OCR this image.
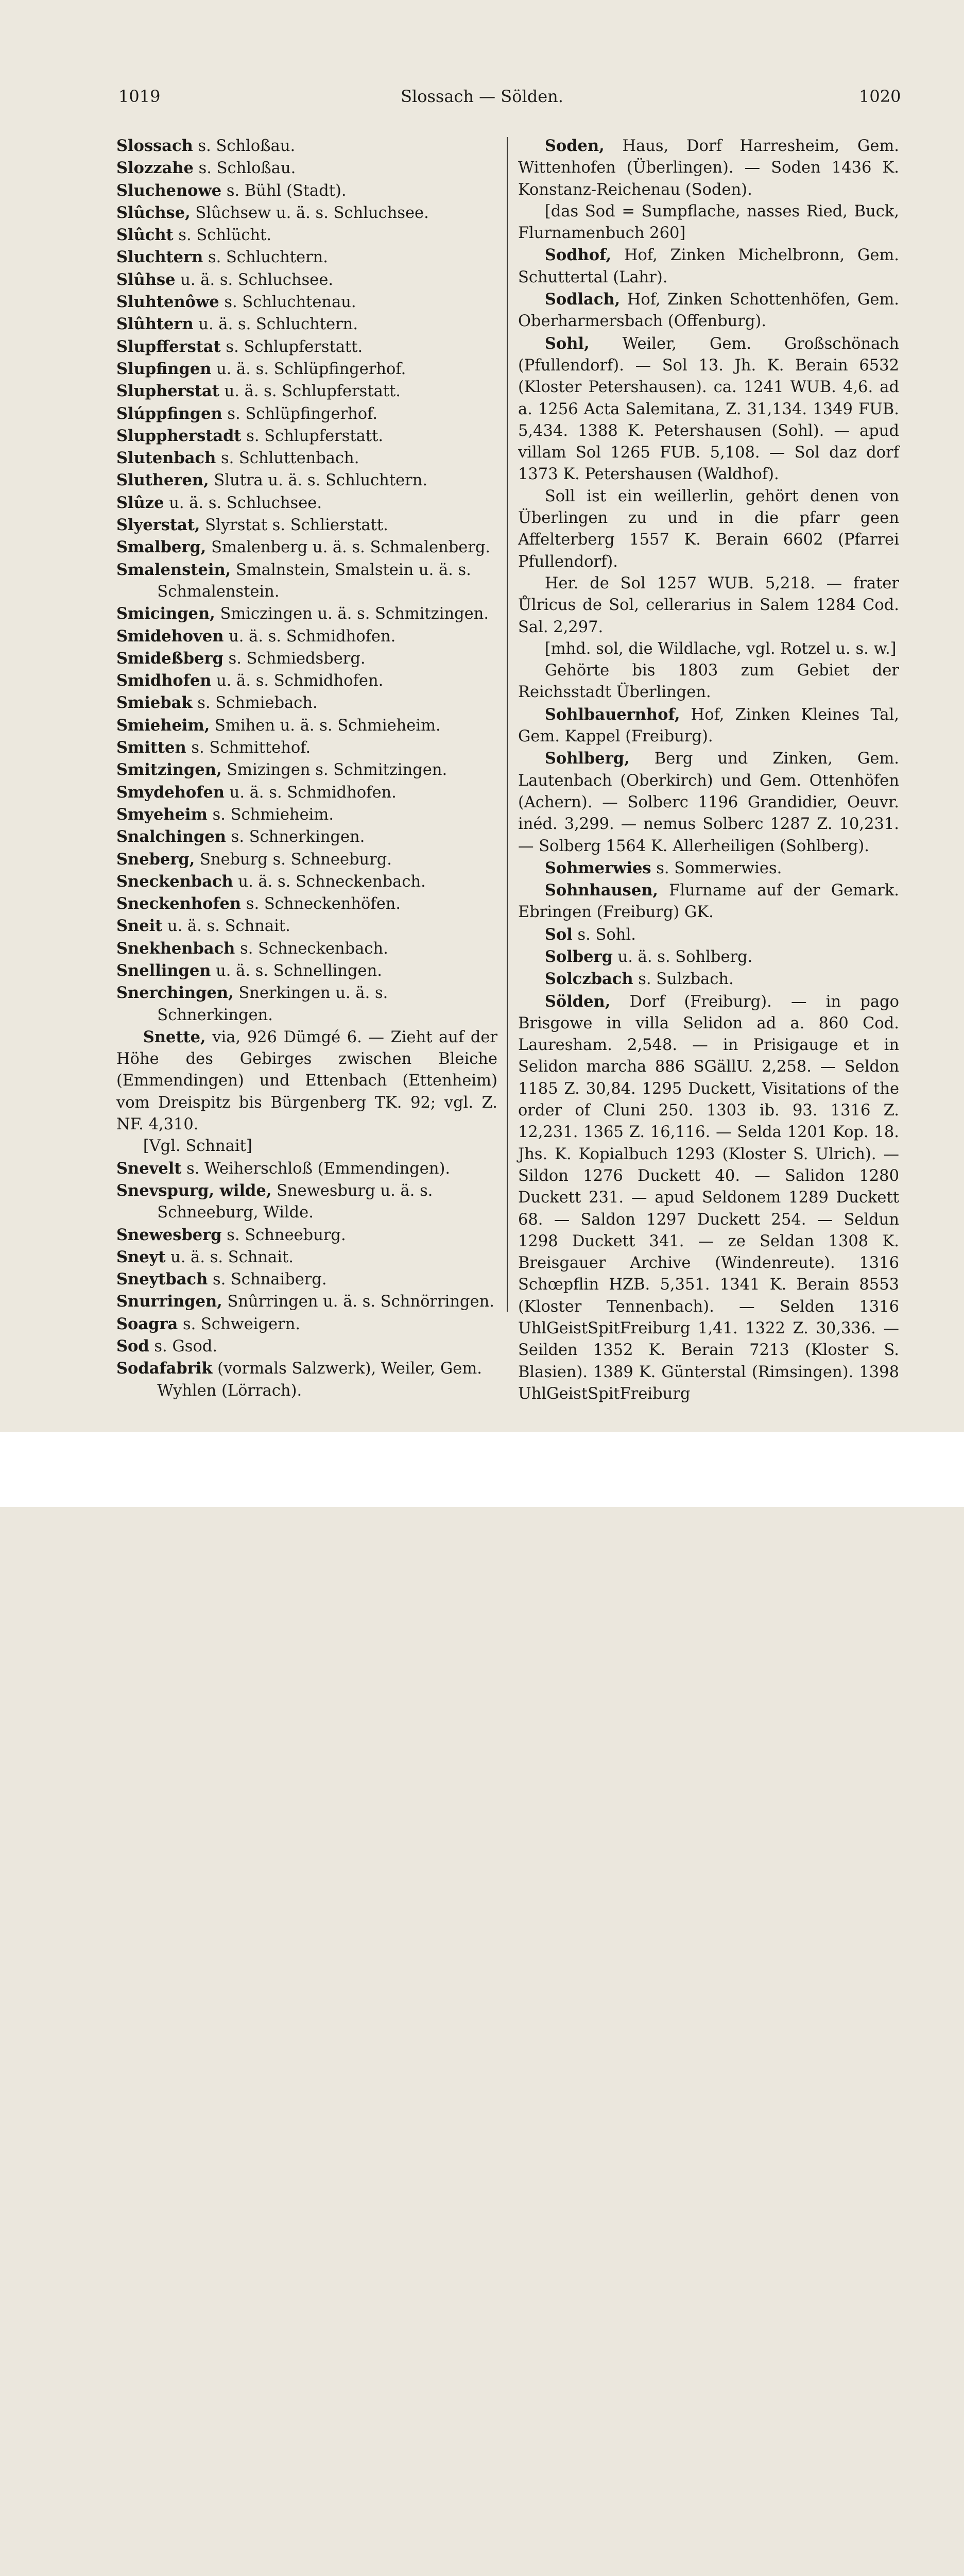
1019	Slossach — Sölden.	1020

Slossach s. Schloßau.

Slozzahe s. Schloßau.

Sluchenowe s. Bühl (Stadt).

Slûchse, Slûchsew u. ä. s. Schluchsee.

Slûcht s. Schlücht.

Sluchtern s. Schluchtern.

Slûhse u. ä. s. Schluchsee.

Sluhtenôwe s. Schluchtenau.

Slûhtern u. ä. s. Schluchtern.

Slupfferstat s. Schlupferstatt.

Slupfingen u. ä. s. Schlüpfingerhof.

Slupherstat u. ä. s. Schlupferstatt.

Slúppfingen s. Schlüpfingerhof.

Sluppherstadt s. Schlupferstatt.

Slutenbach s. Schluttenbach.

Slutheren, Slutra u. ä. s. Schluchtern.

Slûze u. ä. s. Schluchsee.

Slyerstat, Slyrstat s. Schlierstatt.

Smalberg, Smalenberg u. ä. s. Schmalenberg.

Smalenstein, Smalnstein, Smalstein u. ä. s. Schmalenstein.

Smicingen, Smiczingen u. ä. s. Schmitzingen.

Smidehoven u. ä. s. Schmidhofen.

Smideßberg s. Schmiedsberg.

Smidhofen u. ä. s. Schmidhofen.

Smiebak s. Schmiebach.

Smieheim, Smihen u. ä. s. Schmieheim.

Smitten s. Schmittehof.

Smitzingen, Smizingen s. Schmitzingen.

Smydehofen u. ä. s. Schmidhofen.

Smyeheim s. Schmieheim.

Snalchingen s. Schnerkingen.

Sneberg, Sneburg s. Schneeburg.

Sneckenbach u. ä. s. Schneckenbach.

Sneckenhofen s. Schneckenhöfen.

Sneit u. ä. s. Schnait.

Snekhenbach s. Schneckenbach.

Snellingen u. ä. s. Schnellingen.

Snerchingen, Snerkingen u. ä. s. Schnerkingen.

Snette, via, 926 Dümgé 6. — Zieht auf der Höhe des Gebirges zwischen Bleiche (Emmendingen) und Ettenbach (Ettenheim) vom Dreispitz bis Bürgenberg TK. 92; vgl. Z. NF. 4,310.

[Vgl. Schnait]

Snevelt s. Weiherschloß (Emmendingen).

Snevspurg, wilde, Snewesburg u. ä. s. Schneeburg, Wilde.

Snewesberg s. Schneeburg.

Sneyt u. ä. s. Schnait.

Sneytbach s. Schnaiberg.

Snurringen, Snûrringen u. ä. s. Schnörringen.

Soagra s. Schweigern.

Sod s. Gsod.

Sodafabrik (vormals Salzwerk), Weiler, Gem. Wyhlen (Lörrach).

Soden, Haus, Dorf Harresheim, Gem. Wittenhofen (Überlingen). — Soden 1436 K. Konstanz-Reichenau (Soden).

[das Sod = Sumpflache, nasses Ried, Buck, Flurnamenbuch 260]

Sodhof, Hof, Zinken Michelbronn, Gem. Schuttertal (Lahr).

Sodlach, Hof, Zinken Schottenhöfen, Gem. Oberharmersbach (Offenburg).

Sohl, Weiler, Gem. Großschönach (Pfullendorf). — Sol 13. Jh. K. Berain 6532 (Kloster Petershausen). ca. 1241 WUB. 4,6. ad a. 1256 Acta Salemitana, Z. 31,134. 1349 FUB. 5,434. 1388 K. Petershausen (Sohl). — apud villam Sol 1265 FUB. 5,108. — Sol daz dorf 1373 K. Petershausen (Waldhof).

Soll ist ein weillerlin, gehört denen von Überlingen zu und in die pfarr geen Affelterberg 1557 K. Berain 6602 (Pfarrei Pfullendorf).

Her. de Sol 1257 WUB. 5,218. — frater Ůlricus de Sol, cellerarius in Salem 1284 Cod. Sal. 2,297.

[mhd. sol, die Wildlache, vgl. Rotzel u. s. w.]

Gehörte bis 1803 zum Gebiet der Reichsstadt Überlingen.

Sohlbauernhof, Hof, Zinken Kleines Tal, Gem. Kappel (Freiburg).

Sohlberg, Berg und Zinken, Gem. Lautenbach (Oberkirch) und Gem. Ottenhöfen (Achern). — Solberc 1196 Grandidier, Oeuvr. inéd. 3,299. — nemus Solberc 1287 Z. 10,231. — Solberg 1564 K. Allerheiligen (Sohlberg).

Sohmerwies s. Sommerwies.

Sohnhausen, Flurname auf der Gemark. Ebringen (Freiburg) GK.

Sol s. Sohl.

Solberg u. ä. s. Sohlberg.

Solczbach s. Sulzbach.

Sölden, Dorf (Freiburg). — in pago Brisgowe in villa Selidon ad a. 860 Cod. Lauresham. 2,548. — in Prisigauge et in Selidon marcha 886 SGällU. 2,258. — Seldon 1185 Z. 30,84. 1295 Duckett, Visitations of the order of Cluni 250. 1303 ib. 93. 1316 Z. 12,231. 1365 Z. 16,116. — Selda 1201 Kop. 18. Jhs. K. Kopialbuch 1293 (Kloster S. Ulrich). — Sildon 1276 Duckett 40. — Salidon 1280 Duckett 231. — apud Seldonem 1289 Duckett 68. — Saldon 1297 Duckett 254. — Seldun 1298 Duckett 341. — ze Seldan 1308 K. Breisgauer Archive (Windenreute). 1316 Schœpflin HZB. 5,351. 1341 K. Berain 8553 (Kloster Tennenbach). — Selden 1316 UhlGeistSpitFreiburg 1,41. 1322 Z. 30,336. — Seilden 1352 K. Berain 7213 (Kloster S. Blasien). 1389 K. Günterstal (Rimsingen). 1398 UhlGeistSpitFreiburg
